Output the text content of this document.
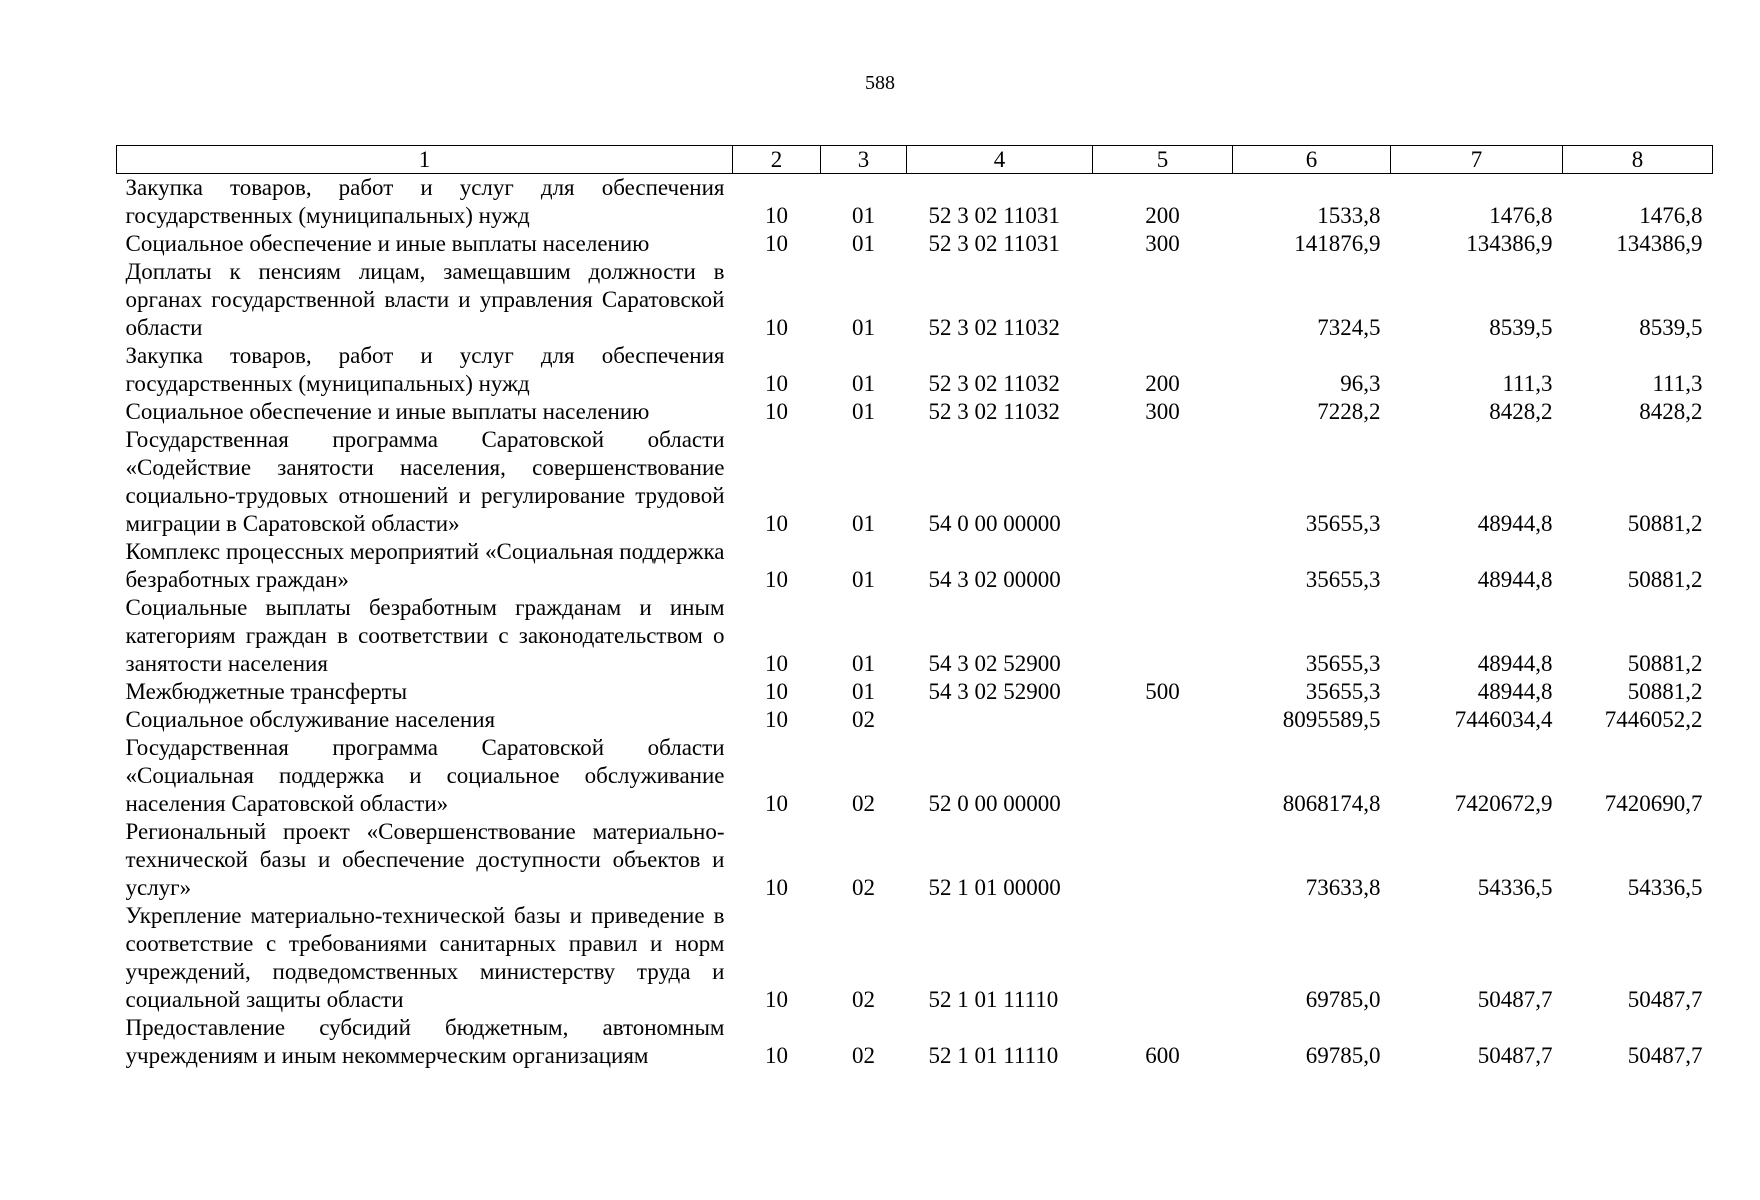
588
1	2	3	4	5	6	7	8
Закупка товаров, работ и услуг для обеспечения государственных (муниципальных) нужд	10	01	52 3 02 11031	200	1533,8	1476,8	1476,8
Социальное обеспечение и иные выплаты населению	10	01	52 3 02 11031	300	141876,9	134386,9	134386,9
Доплаты к пенсиям лицам, замещавшим должности в органах государственной власти и управления Саратовской области	10	01	52 3 02 11032		7324,5	8539,5	8539,5
Закупка товаров, работ и услуг для обеспечения государственных (муниципальных) нужд	10	01	52 3 02 11032	200	96,3	111,3	111,3
Социальное обеспечение и иные выплаты населению	10	01	52 3 02 11032	300	7228,2	8428,2	8428,2
Государственная программа Саратовской области «Содействие занятости населения, совершенствование социально-трудовых отношений и регулирование трудовой миграции в Саратовской области»	10	01	54 0 00 00000		35655,3	48944,8	50881,2
Комплекс процессных мероприятий «Социальная поддержка безработных граждан»	10	01	54 3 02 00000		35655,3	48944,8	50881,2
Социальные выплаты безработным гражданам и иным категориям граждан в соответствии с законодательством о занятости населения	10	01	54 3 02 52900		35655,3	48944,8	50881,2
Межбюджетные трансферты	10	01	54 3 02 52900	500	35655,3	48944,8	50881,2
Социальное обслуживание населения	10	02			8095589,5	7446034,4	7446052,2
Государственная программа Саратовской области «Социальная поддержка и социальное обслуживание населения Саратовской области»	10	02	52 0 00 00000		8068174,8	7420672,9	7420690,7
Региональный проект «Совершенствование материально-технической базы и обеспечение доступности объектов и услуг»	10	02	52 1 01 00000		73633,8	54336,5	54336,5
Укрепление материально-технической базы и приведение в соответствие с требованиями санитарных правил и норм учреждений, подведомственных министерству труда и социальной защиты области	10	02	52 1 01 11110		69785,0	50487,7	50487,7
Предоставление субсидий бюджетным, автономным учреждениям и иным некоммерческим организациям	10	02	52 1 01 11110	600	69785,0	50487,7	50487,7
